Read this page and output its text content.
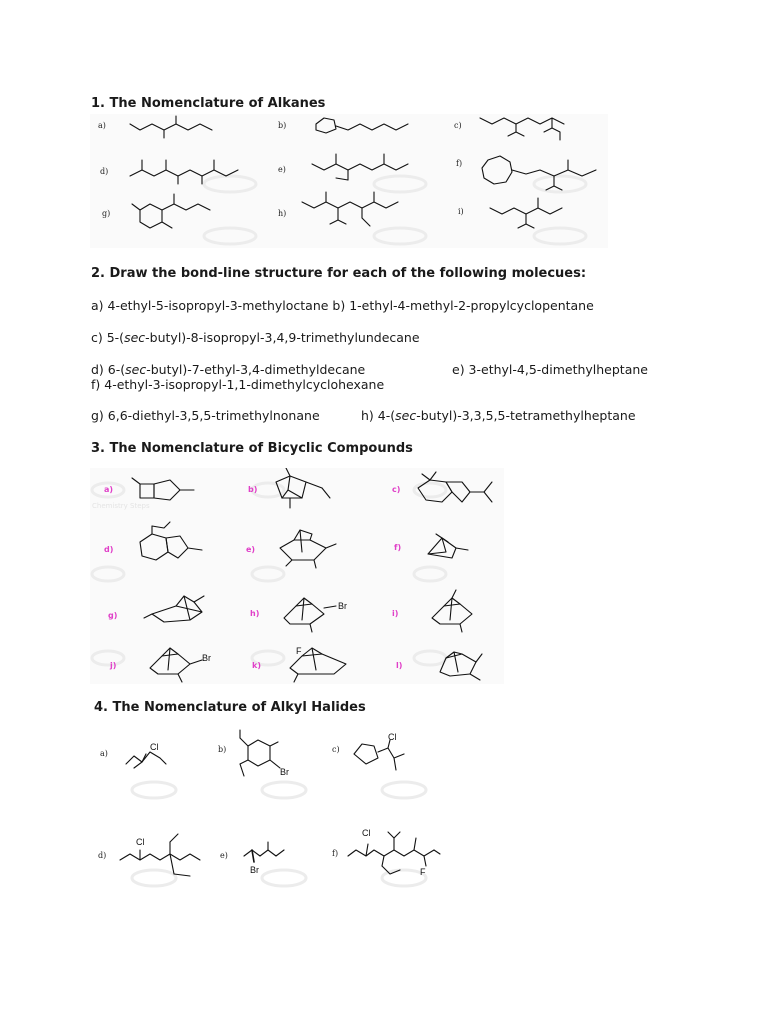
1. The Nomenclature of Alkanes
a)	b)	c)
d)	e)
f)
g)	h)	i)
2. Draw the bond-line structure for each of the following molecues:
a) 4-ethyl-5-isopropyl-3-methyloctane b) 1-ethyl-4-methyl-2-propylcyclopentane
c) 5-(sec-butyl)-8-isopropyl-3,4,9-trimethylundecane
d) 6-(sec-butyl)-7-ethyl-3,4-dimethyldecane	e) 3-ethyl-4,5-dimethylheptane
f) 4-ethyl-3-isopropyl-1,1-dimethylcyclohexane
g) 6,6-diethyl-3,5,5-trimethylnonane	h) 4-(sec-butyl)-3,3,5,5-tetramethylheptane
3. The Nomenclature of Bicyclic Compounds
Chemistry Steps
a)	b)	c)
d)	e)	f)
g)	h)	i)
j)	k)	l)
Br
Br
F
4. The Nomenclature of Alkyl Halides
a)	b)	c)
d)	e)	f)
Cl
Br
Cl
Cl
Br
Cl
F
